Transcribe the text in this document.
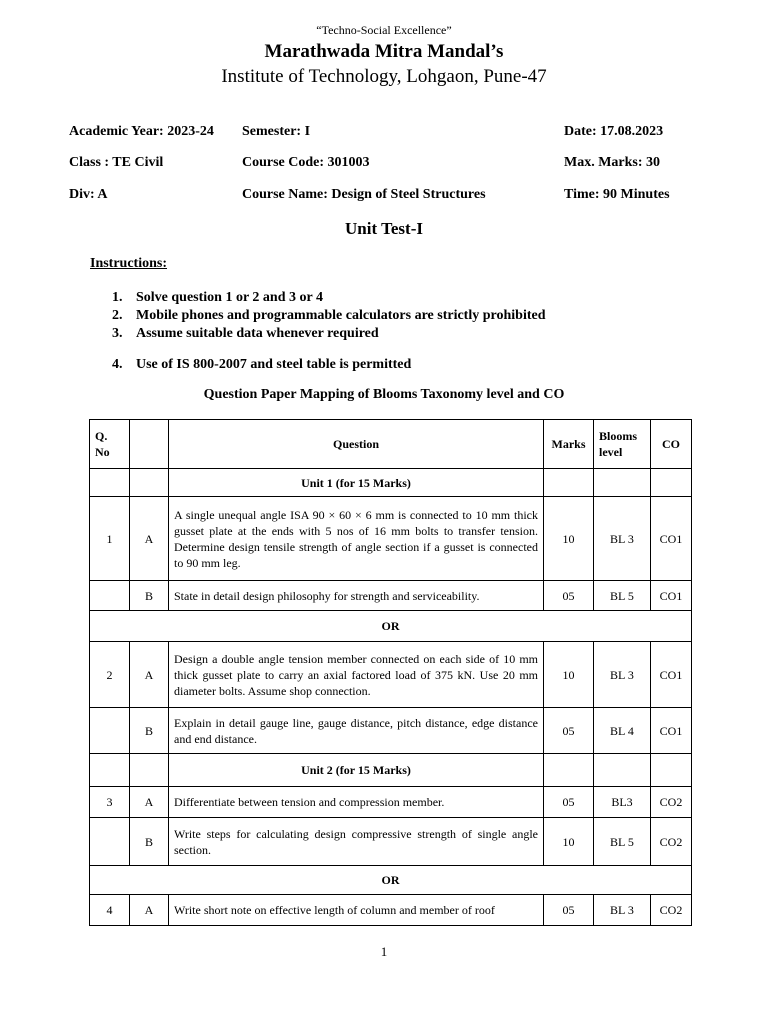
“Techno-Social Excellence”
Marathwada Mitra Mandal’s
Institute of Technology, Lohgaon, Pune-47
Academic Year: 2023-24 Semester: I	Date: 17.08.2023
Class : TE Civil	Course Code: 301003	Max. Marks: 30
Div: A	Course Name: Design of Steel Structures	Time: 90 Minutes
Unit Test-I
Instructions:
1. Solve question 1 or 2 and 3 or 4
2. Mobile phones and programmable calculators are strictly prohibited
3. Assume suitable data whenever required
4. Use of IS 800-2007 and steel table is permitted
Question Paper Mapping of Blooms Taxonomy level and CO
Q. No		Question	Marks	Blooms level	CO
		Unit 1 (for 15 Marks)			
1	A	A single unequal angle ISA 90 × 60 × 6 mm is connected to 10 mm thick gusset plate at the ends with 5 nos of 16 mm bolts to transfer tension. Determine design tensile strength of angle section if a gusset is connected to 90 mm leg.	10	BL 3	CO1
	B	State in detail design philosophy for strength and serviceability.	05	BL 5	CO1
OR					
2	A	Design a double angle tension member connected on each side of 10 mm thick gusset plate to carry an axial factored load of 375 kN. Use 20 mm diameter bolts. Assume shop connection.	10	BL 3	CO1
	B	Explain in detail gauge line, gauge distance, pitch distance, edge distance and end distance.	05	BL 4	CO1
		Unit 2 (for 15 Marks)			
3	A	Differentiate between tension and compression member.	05	BL3	CO2
	B	Write steps for calculating design compressive strength of single angle section.	10	BL 5	CO2
OR					
4	A	Write short note on effective length of column and member of roof	05	BL 3	CO2
1
